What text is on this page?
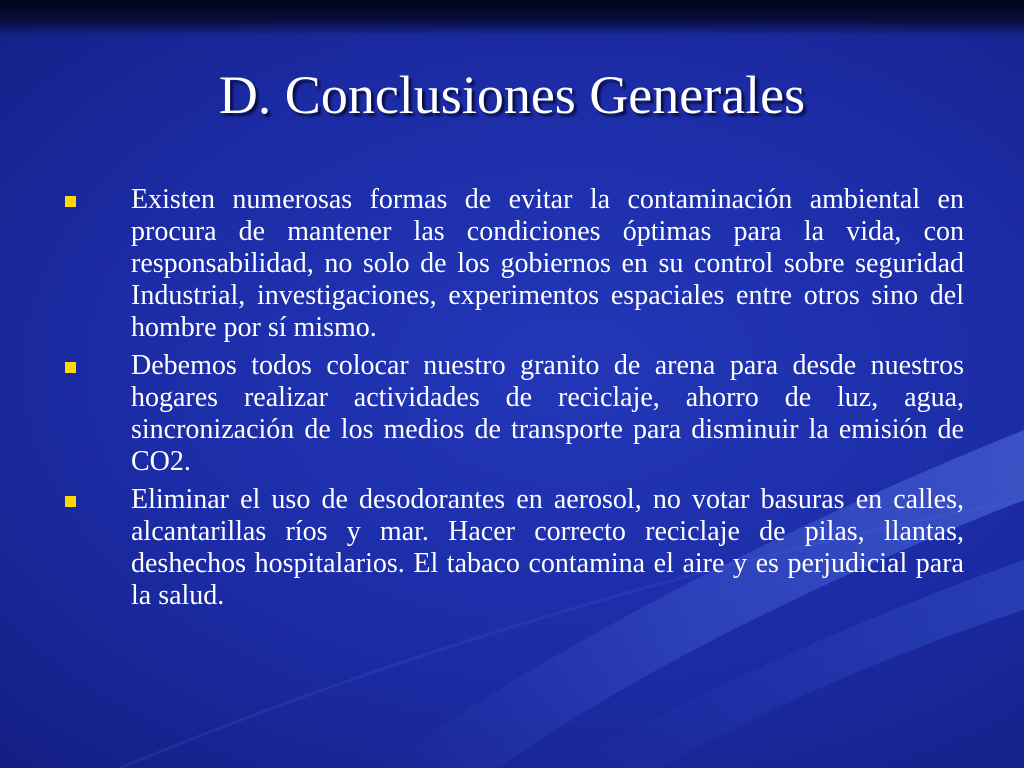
D. Conclusiones Generales
Existen numerosas formas de evitar la contaminación ambiental en procura de mantener las condiciones óptimas para la vida, con responsabilidad, no solo de los gobiernos en su control sobre seguridad Industrial, investigaciones, experimentos espaciales entre otros sino del hombre por sí mismo.
Debemos todos colocar nuestro granito de arena para desde nuestros hogares realizar actividades de reciclaje, ahorro de luz, agua, sincronización de los medios de transporte para disminuir la emisión de CO2.
Eliminar el uso de desodorantes en aerosol, no votar basuras en calles, alcantarillas ríos y mar. Hacer correcto reciclaje de pilas, llantas, deshechos hospitalarios. El tabaco contamina el aire y es perjudicial para la salud.
